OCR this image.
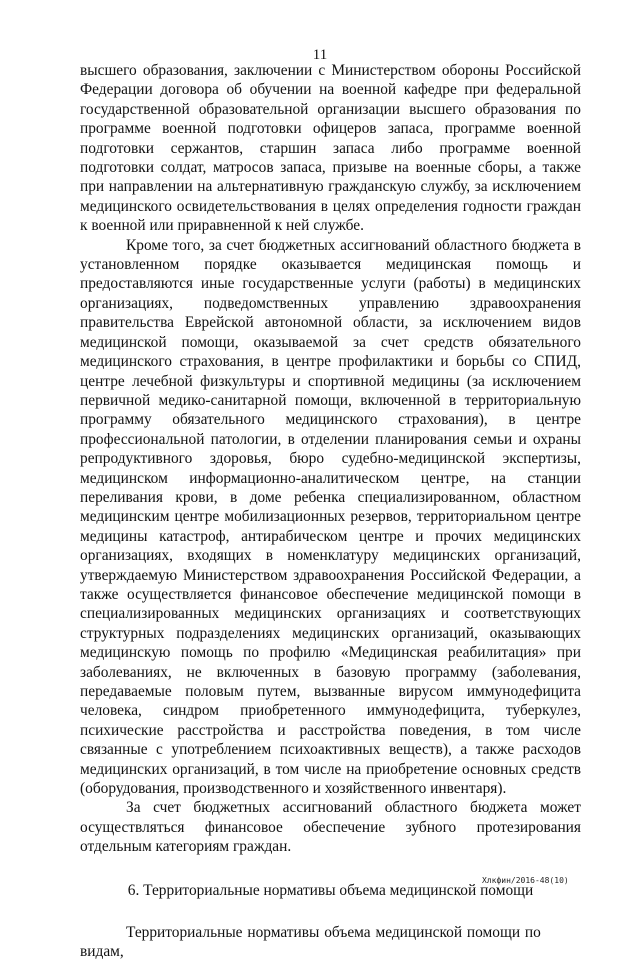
11

высшего образования, заключении с Министерством обороны Российской Федерации договора об обучении на военной кафедре при федеральной государственной образовательной организации высшего образования по программе военной подготовки офицеров запаса, программе военной подготовки сержантов, старшин запаса либо программе военной подготовки солдат, матросов запаса, призыве на военные сборы, а также при направлении на альтернативную гражданскую службу, за исключением медицинского освидетельствования в целях определения годности граждан к военной или приравненной к ней службе.

Кроме того, за счет бюджетных ассигнований областного бюджета в установленном порядке оказывается медицинская помощь и предоставляются иные государственные услуги (работы) в медицинских организациях, подведомственных управлению здравоохранения правительства Еврейской автономной области, за исключением видов медицинской помощи, оказываемой за счет средств обязательного медицинского страхования, в центре профилактики и борьбы со СПИД, центре лечебной физкультуры и спортивной медицины (за исключением первичной медико-санитарной помощи, включенной в территориальную программу обязательного медицинского страхования), в центре профессиональной патологии, в отделении планирования семьи и охраны репродуктивного здоровья, бюро судебно-медицинской экспертизы, медицинском информационно-аналитическом центре, на станции переливания крови, в доме ребенка специализированном, областном медицинским центре мобилизационных резервов, территориальном центре медицины катастроф, антирабическом центре и прочих медицинских организациях, входящих в номенклатуру медицинских организаций, утверждаемую Министерством здравоохранения Российской Федерации, а также осуществляется финансовое обеспечение медицинской помощи в специализированных медицинских организациях и соответствующих структурных подразделениях медицинских организаций, оказывающих медицинскую помощь по профилю «Медицинская реабилитация» при заболеваниях, не включенных в базовую программу (заболевания, передаваемые половым путем, вызванные вирусом иммунодефицита человека, синдром приобретенного иммунодефицита, туберкулез, психические расстройства и расстройства поведения, в том числе связанные с употреблением психоактивных веществ), а также расходов медицинских организаций, в том числе на приобретение основных средств (оборудования, производственного и хозяйственного инвентаря).

За счет бюджетных ассигнований областного бюджета может осуществляться финансовое обеспечение зубного протезирования отдельным категориям граждан.

6. Территориальные нормативы объема медицинской помощи

Территориальные нормативы объема медицинской помощи по видам,

Хлкфин/2016-48(10)
